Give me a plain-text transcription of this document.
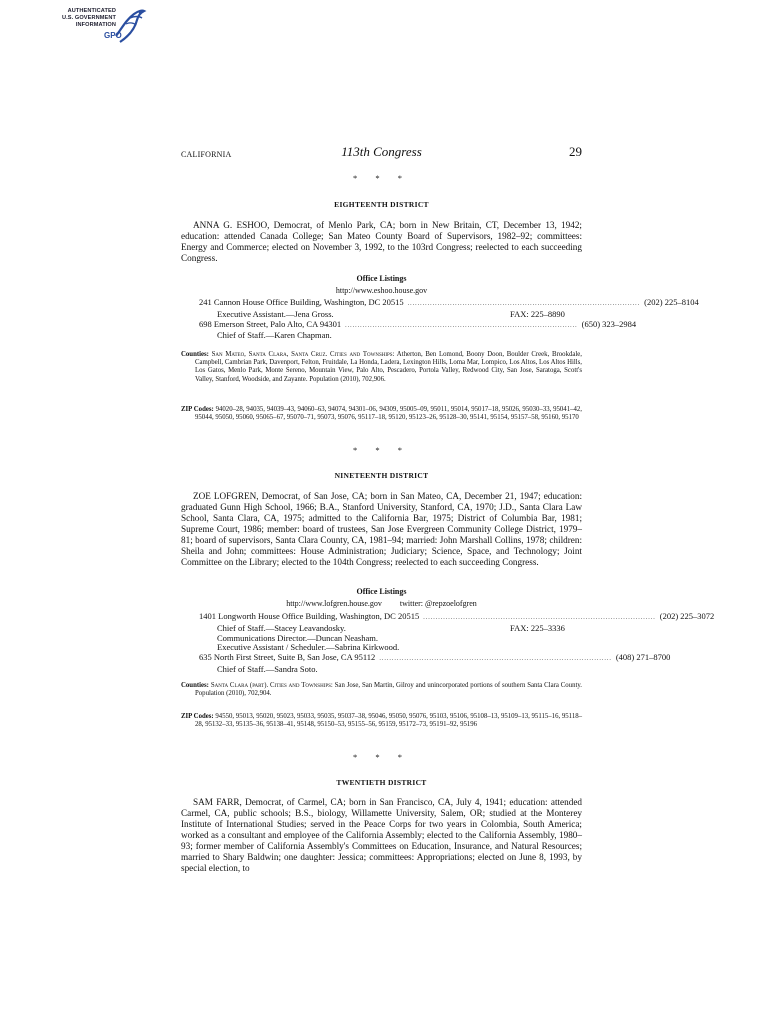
AUTHENTICATED
U.S. GOVERNMENT
INFORMATION
GPO
CALIFORNIA	113th Congress	29
* * *
EIGHTEENTH DISTRICT

ANNA G. ESHOO, Democrat, of Menlo Park, CA; born in New Britain, CT, December 13, 1942; education: attended Canada College; San Mateo County Board of Supervisors, 1982–92; committees: Energy and Commerce; elected on November 3, 1992, to the 103rd Congress; reelected to each succeeding Congress.

Office Listings
http://www.eshoo.house.gov
241 Cannon House Office Building, Washington, DC 20515 ............................................................................................. (202) 225–8104
Executive Assistant.—Jena Gross.	FAX: 225–8890
698 Emerson Street, Palo Alto, CA 94301 ............................................................................................. (650) 323–2984
Chief of Staff.—Karen Chapman.

Counties: San Mateo, Santa Clara, Santa Cruz. Cities and Townships: Atherton, Ben Lomond, Boony Doon, Boulder Creek, Brookdale, Campbell, Cambrian Park, Davenport, Felton, Fruitdale, La Honda, Ladera, Lexington Hills, Loma Mar, Lompico, Los Altos, Los Altos Hills, Los Gatos, Menlo Park, Monte Sereno, Mountain View, Palo Alto, Pescadero, Portola Valley, Redwood City, San Jose, Saratoga, Scott's Valley, Stanford, Woodside, and Zayante. Population (2010), 702,906.

ZIP Codes: 94020–28, 94035, 94039–43, 94060–63, 94074, 94301–06, 94309, 95005–09, 95011, 95014, 95017–18, 95026, 95030–33, 95041–42, 95044, 95050, 95060, 95065–67, 95070–71, 95073, 95076, 95117–18, 95120, 95123–26, 95128–30, 95141, 95154, 95157–58, 95160, 95170

* * *
NINETEENTH DISTRICT

ZOE LOFGREN, Democrat, of San Jose, CA; born in San Mateo, CA, December 21, 1947; education: graduated Gunn High School, 1966; B.A., Stanford University, Stanford, CA, 1970; J.D., Santa Clara Law School, Santa Clara, CA, 1975; admitted to the California Bar, 1975; District of Columbia Bar, 1981; Supreme Court, 1986; member: board of trustees, San Jose Evergreen Community College District, 1979–81; board of supervisors, Santa Clara County, CA, 1981–94; married: John Marshall Collins, 1978; children: Sheila and John; committees: House Administration; Judiciary; Science, Space, and Technology; Joint Committee on the Library; elected to the 104th Congress; reelected to each succeeding Congress.

Office Listings
http://www.lofgren.house.gov twitter: @repzoelofgren
1401 Longworth House Office Building, Washington, DC 20515 ............................................................................................. (202) 225–3072
Chief of Staff.—Stacey Leavandosky.	FAX: 225–3336
Communications Director.—Duncan Neasham.
Executive Assistant / Scheduler.—Sabrina Kirkwood.
635 North First Street, Suite B, San Jose, CA 95112 ............................................................................................. (408) 271–8700
Chief of Staff.—Sandra Soto.

Counties: Santa Clara (part). Cities and Townships: San Jose, San Martin, Gilroy and unincorporated portions of southern Santa Clara County. Population (2010), 702,904.

ZIP Codes: 94550, 95013, 95020, 95023, 95033, 95035, 95037–38, 95046, 95050, 95076, 95103, 95106, 95108–13, 95109–13, 95115–16, 95118–28, 95132–33, 95135–36, 95138–41, 95148, 95150–53, 95155–56, 95159, 95172–73, 95191–92, 95196

* * *
TWENTIETH DISTRICT

SAM FARR, Democrat, of Carmel, CA; born in San Francisco, CA, July 4, 1941; education: attended Carmel, CA, public schools; B.S., biology, Willamette University, Salem, OR; studied at the Monterey Institute of International Studies; served in the Peace Corps for two years in Colombia, South America; worked as a consultant and employee of the California Assembly; elected to the California Assembly, 1980–93; former member of California Assembly's Committees on Education, Insurance, and Natural Resources; married to Shary Baldwin; one daughter: Jessica; committees: Appropriations; elected on June 8, 1993, by special election, to
